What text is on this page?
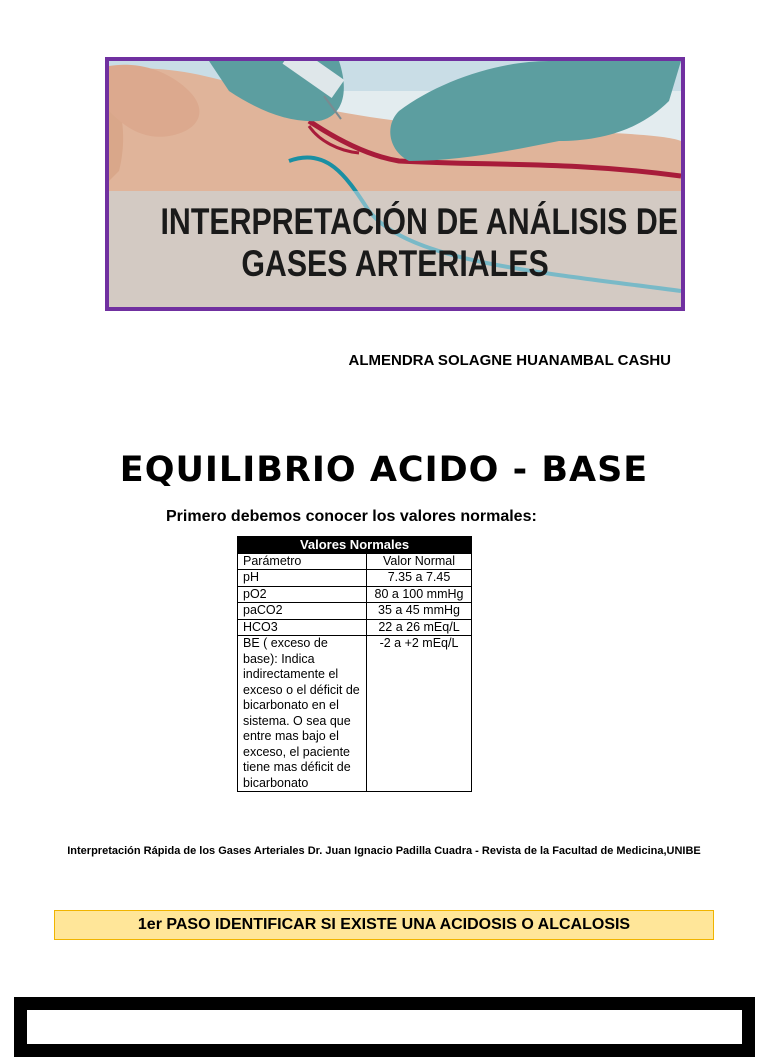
INTERPRETACIÓN DE ANÁLISIS DE
GASES ARTERIALES
ALMENDRA SOLAGNE HUANAMBAL CASHU
EQUILIBRIO ACIDO - BASE
Primero debemos conocer los valores normales:
Valores Normales	
Parámetro	Valor Normal
pH	7.35 a 7.45
pO2	80 a 100 mmHg
paCO2	35 a 45 mmHg
HCO3	22 a 26 mEq/L
BE ( exceso de base): Indica indirectamente el exceso o el déficit de bicarbonato en el sistema. O sea que entre mas bajo el exceso, el paciente tiene mas déficit de bicarbonato	-2 a +2 mEq/L
Interpretación Rápida de los Gases Arteriales Dr. Juan Ignacio Padilla Cuadra - Revista de la Facultad de Medicina,UNIBE
1er PASO IDENTIFICAR SI EXISTE UNA ACIDOSIS O ALCALOSIS
